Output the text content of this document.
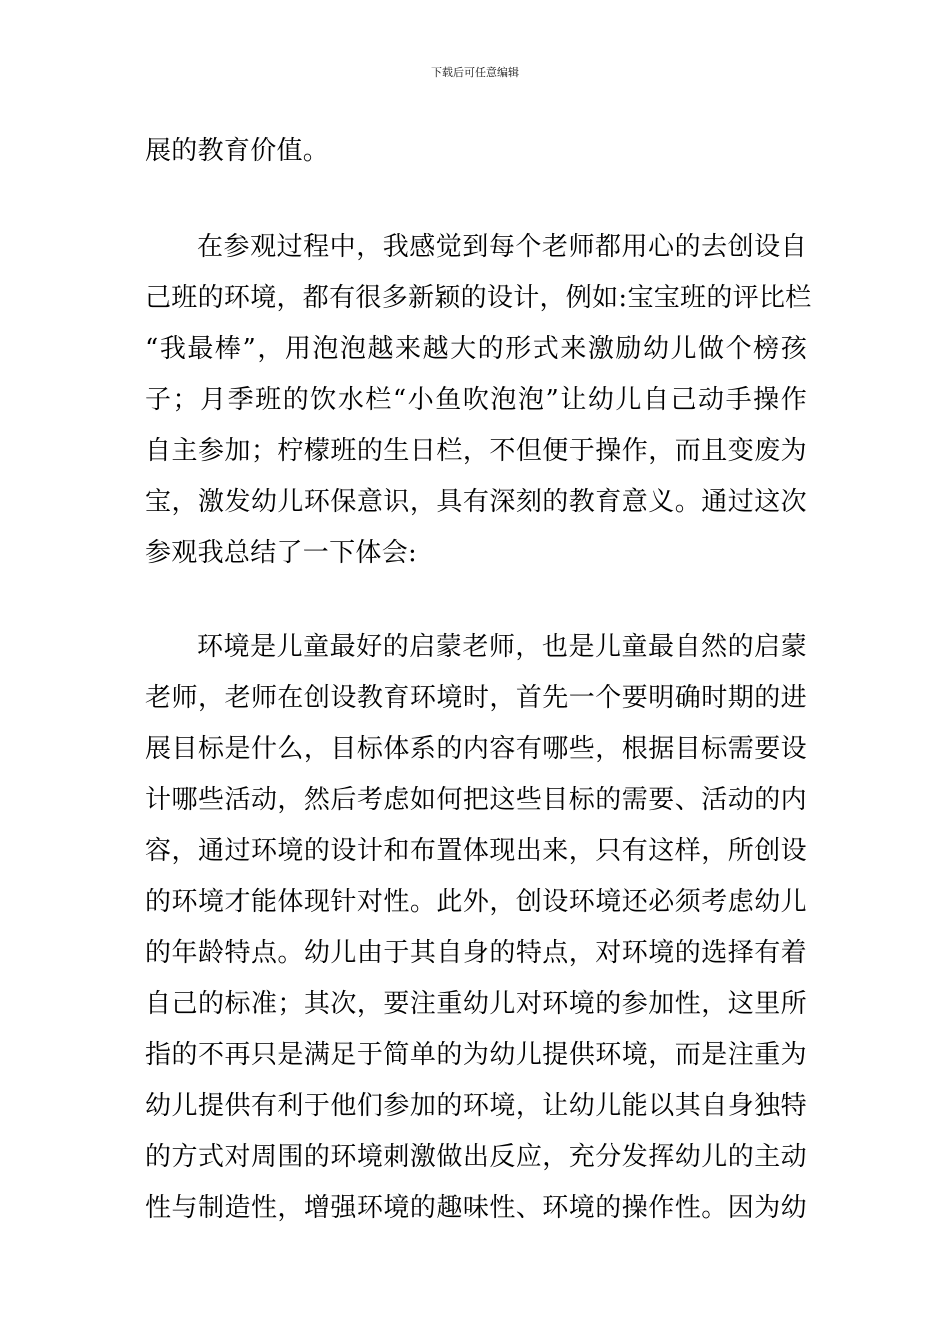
下载后可任意编辑
展的教育价值。
在参观过程中，我感觉到每个老师都用心的去创设自
己班的环境，都有很多新颖的设计，例如:宝宝班的评比栏
“我最棒”，用泡泡越来越大的形式来激励幼儿做个榜孩
子；月季班的饮水栏“小鱼吹泡泡”让幼儿自己动手操作
自主参加；柠檬班的生日栏，不但便于操作，而且变废为
宝，激发幼儿环保意识，具有深刻的教育意义。通过这次
参观我总结了一下体会:
环境是儿童最好的启蒙老师，也是儿童最自然的启蒙
老师，老师在创设教育环境时，首先一个要明确时期的进
展目标是什么，目标体系的内容有哪些，根据目标需要设
计哪些活动，然后考虑如何把这些目标的需要、活动的内
容，通过环境的设计和布置体现出来，只有这样，所创设
的环境才能体现针对性。此外，创设环境还必须考虑幼儿
的年龄特点。幼儿由于其自身的特点，对环境的选择有着
自己的标准；其次，要注重幼儿对环境的参加性，这里所
指的不再只是满足于简单的为幼儿提供环境，而是注重为
幼儿提供有利于他们参加的环境，让幼儿能以其自身独特
的方式对周围的环境刺激做出反应，充分发挥幼儿的主动
性与制造性，增强环境的趣味性、环境的操作性。因为幼
